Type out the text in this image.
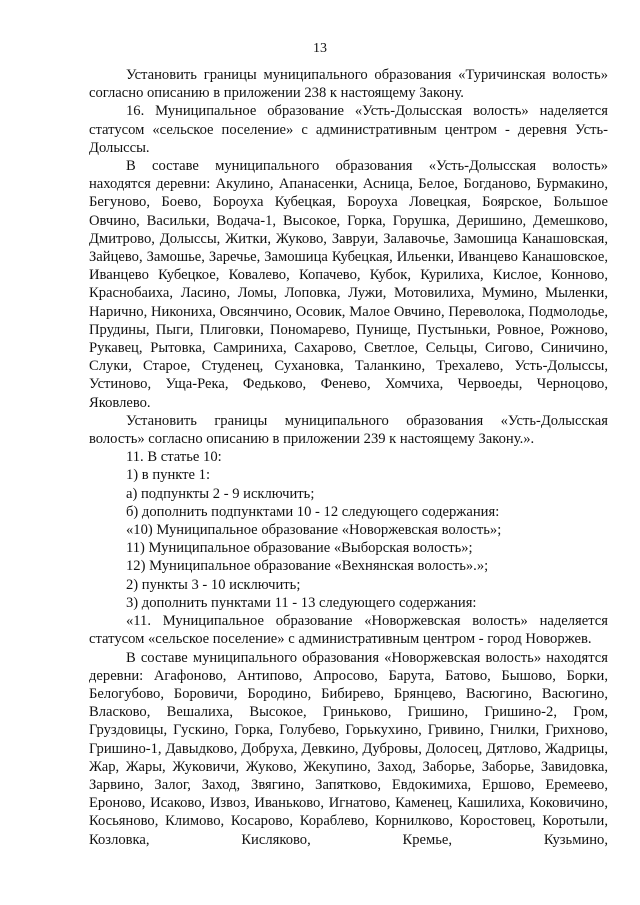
13

Установить границы муниципального образования «Туричинская волость» согласно описанию в приложении 238 к настоящему Закону.

16. Муниципальное образование «Усть-Долысская волость» наделяется статусом «сельское поселение» с административным центром - деревня Усть-Долыссы.

В составе муниципального образования «Усть-Долысская волость» находятся деревни: Акулино, Апанасенки, Асница, Белое, Богданово, Бурмакино, Бегуново, Боево, Бороуха Кубецкая, Бороуха Ловецкая, Боярское, Большое Овчино, Васильки, Водача-1, Высокое, Горка, Горушка, Деришино, Демешково, Дмитрово, Долыссы, Житки, Жуково, Завруи, Залавочье, Замошица Канашовская, Зайцево, Замошье, Заречье, Замошица Кубецкая, Ильенки, Иванцево Канашовское, Иванцево Кубецкое, Ковалево, Копачево, Кубок, Курилиха, Кислое, Конново, Краснобаиха, Ласино, Ломы, Лоповка, Лужи, Мотовилиха, Мумино, Мыленки, Нарично, Никониха, Овсянчино, Осовик, Малое Овчино, Переволока, Подмолодье, Прудины, Пыги, Плиговки, Пономарево, Пунище, Пустыньки, Ровное, Рожново, Рукавец, Рытовка, Самриниха, Сахарово, Светлое, Сельцы, Сигово, Синичино, Слуки, Старое, Студенец, Сухановка, Таланкино, Трехалево, Усть-Долыссы, Устиново, Уща-Река, Федьково, Фенево, Хомчиха, Червоеды, Черноцово, Яковлево.

Установить границы муниципального образования «Усть-Долысская волость» согласно описанию в приложении 239 к настоящему Закону.».

11. В статье 10:

1) в пункте 1:

а) подпункты 2 - 9 исключить;

б) дополнить подпунктами 10 - 12 следующего содержания:

«10) Муниципальное образование «Новоржевская волость»;

11) Муниципальное образование «Выборская волость»;

12) Муниципальное образование «Вехнянская волость».»;

2) пункты 3 - 10 исключить;

3) дополнить пунктами 11 - 13 следующего содержания:

«11. Муниципальное образование «Новоржевская волость» наделяется статусом «сельское поселение» с административным центром - город Новоржев.

В составе муниципального образования «Новоржевская волость» находятся деревни: Агафоново, Антипово, Апросово, Барута, Батово, Бышово, Борки, Белогубово, Боровичи, Бородино, Бибирево, Брянцево, Васюгино, Васюгино, Власково, Вешалиха, Высокое, Гриньково, Гришино, Гришино-2, Гром, Груздовицы, Гускино, Горка, Голубево, Горькухино, Гривино, Гнилки, Грихново, Гришино-1, Давыдково, Добруха, Девкино, Дубровы, Долосец, Дятлово, Жадрицы, Жар, Жары, Жуковичи, Жуково, Жекупино, Заход, Заборье, Заборье, Завидовка, Зарвино, Залог, Заход, Звягино, Запятково, Евдокимиха, Ершово, Еремеево, Ероново, Исаково, Извоз, Иваньково, Игнатово, Каменец, Кашилиха, Коковичино, Косьяново, Климово, Косарово, Кораблево, Корнилково, Коростовец, Коротыли, Козловка, Кисляково, Кремье, Кузьмино,
